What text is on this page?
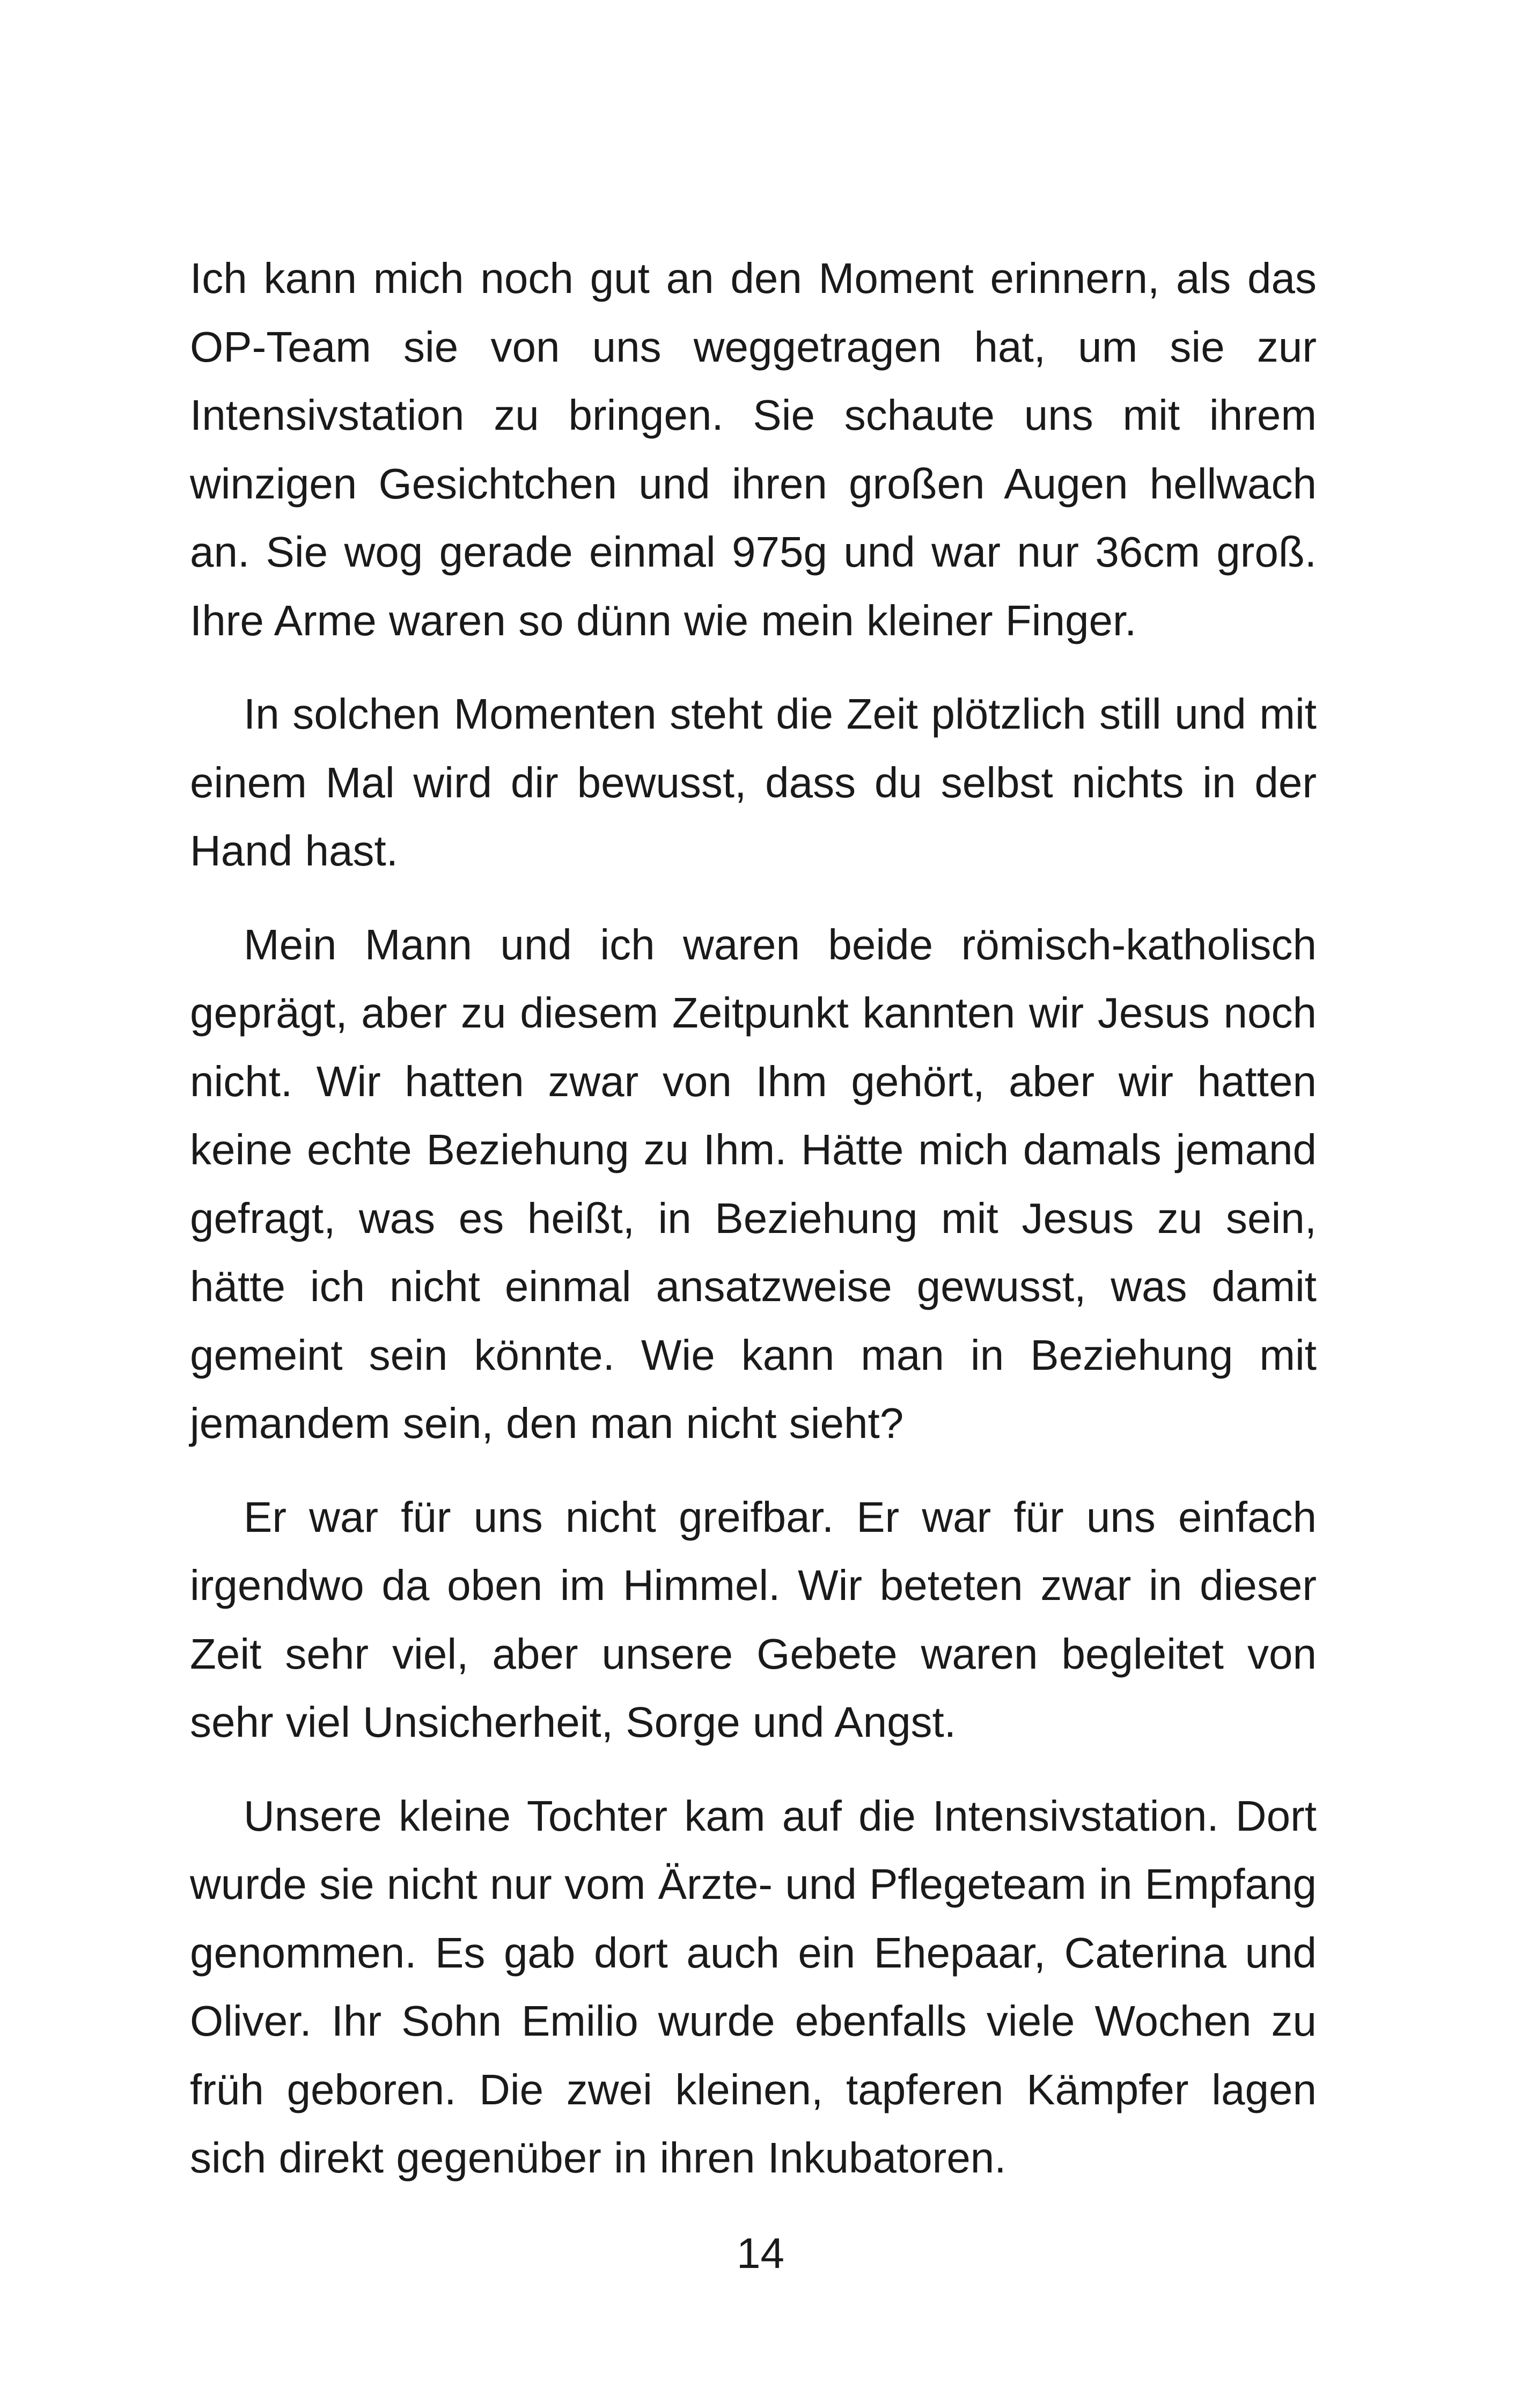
Ich kann mich noch gut an den Moment erinnern, als das OP-Team sie von uns weggetragen hat, um sie zur Intensivstation zu bringen. Sie schaute uns mit ihrem winzigen Gesichtchen und ihren großen Augen hellwach an. Sie wog gerade einmal 975g und war nur 36cm groß. Ihre Arme waren so dünn wie mein kleiner Finger.

In solchen Momenten steht die Zeit plötzlich still und mit einem Mal wird dir bewusst, dass du selbst nichts in der Hand hast.

Mein Mann und ich waren beide römisch-katholisch geprägt, aber zu diesem Zeitpunkt kannten wir Jesus noch nicht. Wir hatten zwar von Ihm gehört, aber wir hatten keine echte Beziehung zu Ihm. Hätte mich damals jemand gefragt, was es heißt, in Beziehung mit Jesus zu sein, hätte ich nicht einmal ansatzweise gewusst, was damit gemeint sein könnte. Wie kann man in Beziehung mit jemandem sein, den man nicht sieht?

Er war für uns nicht greifbar. Er war für uns einfach irgendwo da oben im Himmel. Wir beteten zwar in dieser Zeit sehr viel, aber unsere Gebete waren begleitet von sehr viel Unsicherheit, Sorge und Angst.

Unsere kleine Tochter kam auf die Intensivstation. Dort wurde sie nicht nur vom Ärzte- und Pflegeteam in Empfang genommen. Es gab dort auch ein Ehepaar, Caterina und Oliver. Ihr Sohn Emilio wurde ebenfalls viele Wochen zu früh geboren. Die zwei kleinen, tapferen Kämpfer lagen sich direkt gegenüber in ihren Inkubatoren.

14
